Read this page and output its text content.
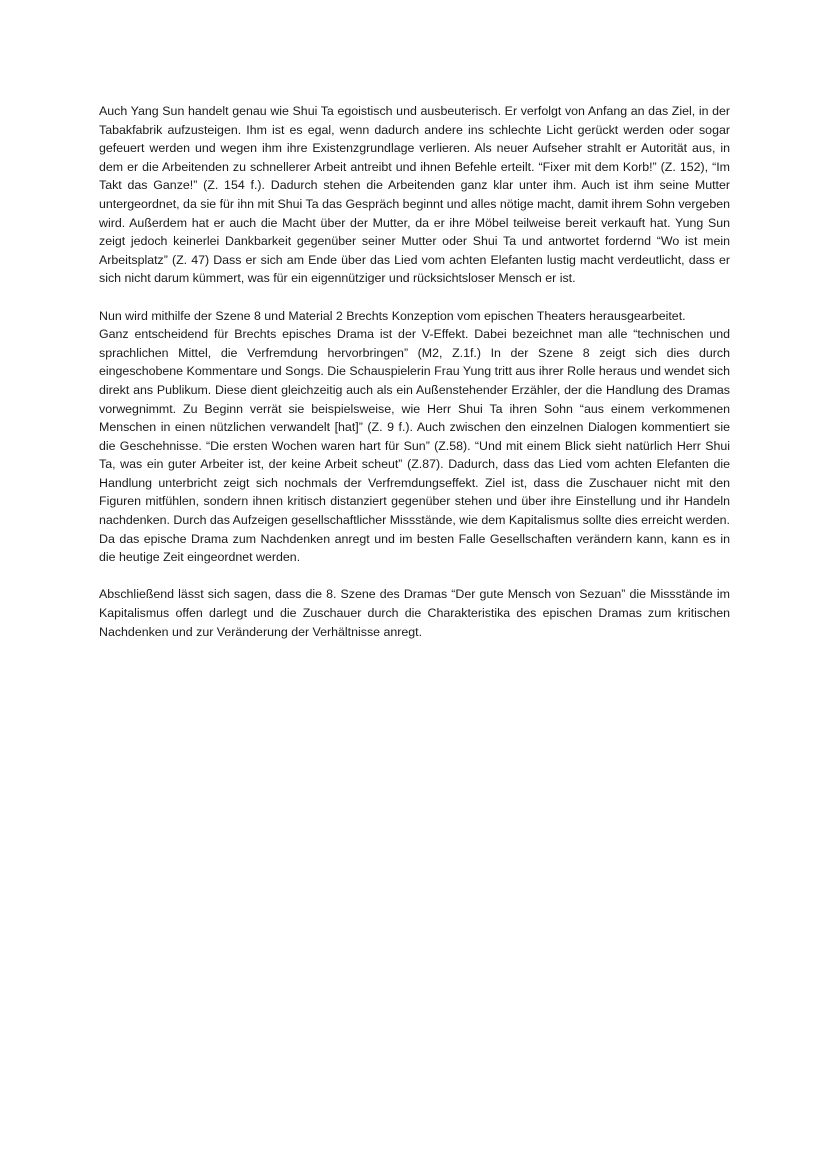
Auch Yang Sun handelt genau wie Shui Ta egoistisch und ausbeuterisch. Er verfolgt von Anfang an das Ziel, in der Tabakfabrik aufzusteigen. Ihm ist es egal, wenn dadurch andere ins schlechte Licht gerückt werden oder sogar gefeuert werden und wegen ihm ihre Existenzgrundlage verlieren. Als neuer Aufseher strahlt er Autorität aus, in dem er die Arbeitenden zu schnellerer Arbeit antreibt und ihnen Befehle erteilt. “Fixer mit dem Korb!” (Z. 152), “Im Takt das Ganze!” (Z. 154 f.). Dadurch stehen die Arbeitenden ganz klar unter ihm. Auch ist ihm seine Mutter untergeordnet, da sie für ihn mit Shui Ta das Gespräch beginnt und alles nötige macht, damit ihrem Sohn vergeben wird. Außerdem hat er auch die Macht über der Mutter, da er ihre Möbel teilweise bereit verkauft hat. Yung Sun zeigt jedoch keinerlei Dankbarkeit gegenüber seiner Mutter oder Shui Ta und antwortet fordernd “Wo ist mein Arbeitsplatz” (Z. 47) Dass er sich am Ende über das Lied vom achten Elefanten lustig macht verdeutlicht, dass er sich nicht darum kümmert, was für ein eigennütziger und rücksichtsloser Mensch er ist.

Nun wird mithilfe der Szene 8 und Material 2 Brechts Konzeption vom epischen Theaters herausgearbeitet.

Ganz entscheidend für Brechts episches Drama ist der V-Effekt. Dabei bezeichnet man alle “technischen und sprachlichen Mittel, die Verfremdung hervorbringen” (M2, Z.1f.) In der Szene 8 zeigt sich dies durch eingeschobene Kommentare und Songs. Die Schauspielerin Frau Yung tritt aus ihrer Rolle heraus und wendet sich direkt ans Publikum. Diese dient gleichzeitig auch als ein Außenstehender Erzähler, der die Handlung des Dramas vorwegnimmt. Zu Beginn verrät sie beispielsweise, wie Herr Shui Ta ihren Sohn “aus einem verkommenen Menschen in einen nützlichen verwandelt [hat]” (Z. 9 f.). Auch zwischen den einzelnen Dialogen kommentiert sie die Geschehnisse. “Die ersten Wochen waren hart für Sun” (Z.58). “Und mit einem Blick sieht natürlich Herr Shui Ta, was ein guter Arbeiter ist, der keine Arbeit scheut” (Z.87). Dadurch, dass das Lied vom achten Elefanten die Handlung unterbricht zeigt sich nochmals der Verfremdungseffekt. Ziel ist, dass die Zuschauer nicht mit den Figuren mitfühlen, sondern ihnen kritisch distanziert gegenüber stehen und über ihre Einstellung und ihr Handeln nachdenken. Durch das Aufzeigen gesellschaftlicher Missstände, wie dem Kapitalismus sollte dies erreicht werden. Da das epische Drama zum Nachdenken anregt und im besten Falle Gesellschaften verändern kann, kann es in die heutige Zeit eingeordnet werden.

Abschließend lässt sich sagen, dass die 8. Szene des Dramas “Der gute Mensch von Sezuan” die Missstände im Kapitalismus offen darlegt und die Zuschauer durch die Charakteristika des epischen Dramas zum kritischen Nachdenken und zur Veränderung der Verhältnisse anregt.
